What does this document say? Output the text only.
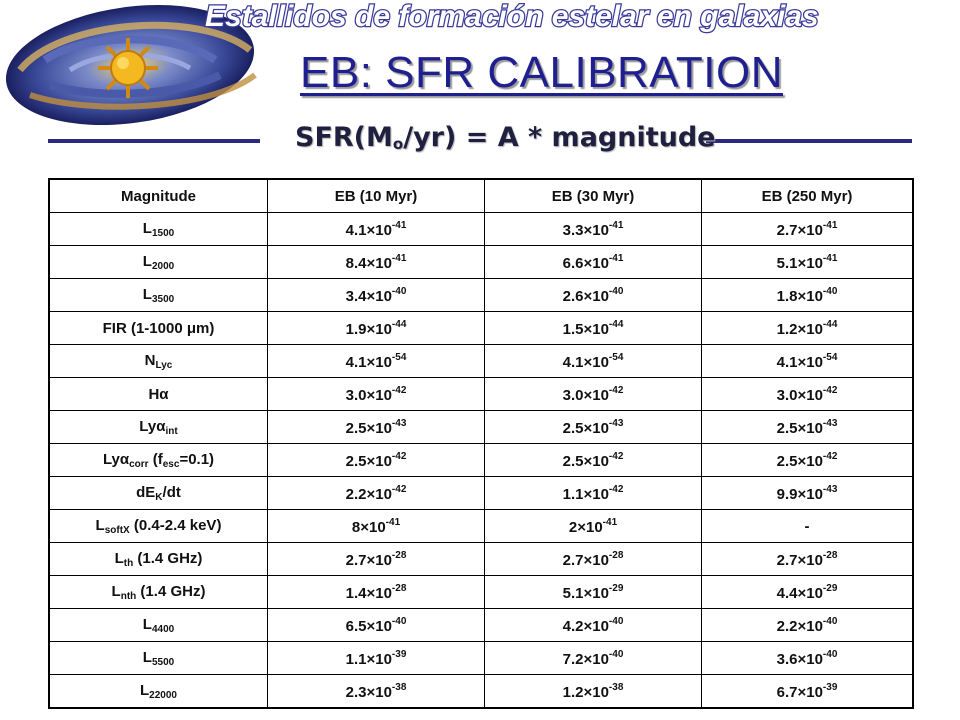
Estallidos de formación estelar en galaxias
EB: SFR CALIBRATION
$SFR(M_o/yr) = A$ * magnitude
Magnitude	EB (10 Myr)	EB (30 Myr)	EB (250 Myr)
$L_{1500}$	$4.1\times 10^{-41}$	$3.3\times 10^{-41}$	$2.7\times 10^{-41}$
$L_{2000}$	$8.4\times 10^{-41}$	$6.6\times 10^{-41}$	$5.1\times 10^{-41}$
$L_{3500}$	$3.4\times 10^{-40}$	$2.6\times 10^{-40}$	$1.8\times 10^{-40}$
FIR (1-1000 μm)	$1.9\times 10^{-44}$	$1.5\times 10^{-44}$	$1.2\times 10^{-44}$
$N_{Lyc}$	$4.1\times 10^{-54}$	$4.1\times 10^{-54}$	$4.1\times 10^{-54}$
Hα	$3.0\times 10^{-42}$	$3.0\times 10^{-42}$	$3.0\times 10^{-42}$
Lyα$_{int}$	$2.5\times 10^{-43}$	$2.5\times 10^{-43}$	$2.5\times 10^{-43}$
Lyα$_{corr}$ $(f_{esc}=0.1)$	$2.5\times 10^{-42}$	$2.5\times 10^{-42}$	$2.5\times 10^{-42}$
$dE_K/dt$	$2.2\times 10^{-42}$	$1.1\times 10^{-42}$	$9.9\times 10^{-43}$
$L_{softX}$ (0.4-2.4 keV)	$8\times 10^{-41}$	$2\times 10^{-41}$	-
$L_{th}$ (1.4 GHz)	$2.7\times 10^{-28}$	$2.7\times 10^{-28}$	$2.7\times 10^{-28}$
$L_{nth}$ (1.4 GHz)	$1.4\times 10^{-28}$	$5.1\times 10^{-29}$	$4.4\times 10^{-29}$
$L_{4400}$	$6.5\times 10^{-40}$	$4.2\times 10^{-40}$	$2.2\times 10^{-40}$
$L_{5500}$	$1.1\times 10^{-39}$	$7.2\times 10^{-40}$	$3.6\times 10^{-40}$
$L_{22000}$	$2.3\times 10^{-38}$	$1.2\times 10^{-38}$	$6.7\times 10^{-39}$
